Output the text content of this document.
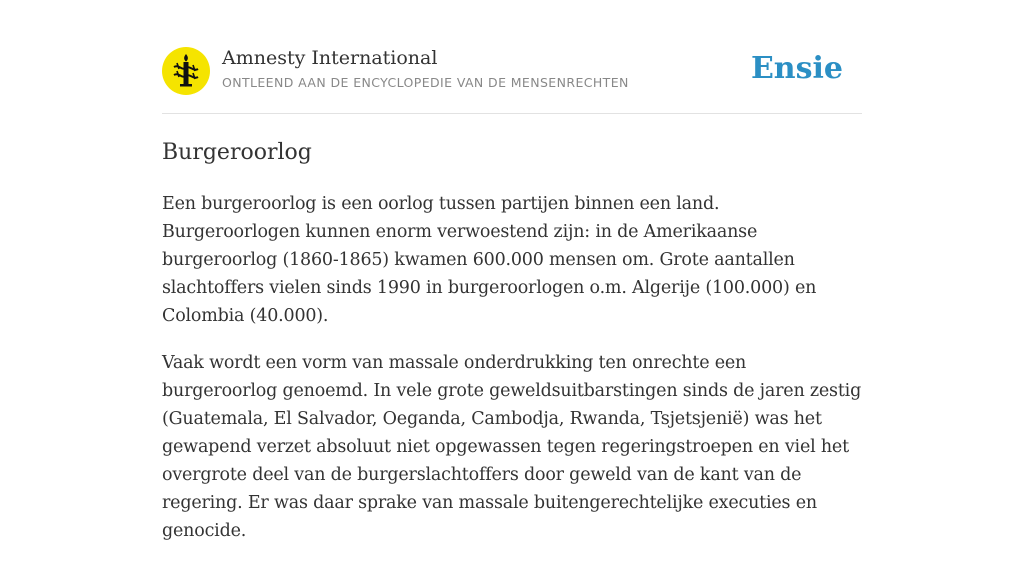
Amnesty International
ONTLEEND AAN DE ENCYCLOPEDIE VAN DE MENSENRECHTEN	Ensie
Burgeroorlog

Een burgeroorlog is een oorlog tussen partijen binnen een land. Burgeroorlogen kunnen enorm verwoestend zijn: in de Amerikaanse burgeroorlog (1860-1865) kwamen 600.000 mensen om. Grote aantallen slachtoffers vielen sinds 1990 in burgeroorlogen o.m. Algerije (100.000) en Colombia (40.000).

Vaak wordt een vorm van massale onderdrukking ten onrechte een burgeroorlog genoemd. In vele grote geweldsuitbarstingen sinds de jaren zestig (Guatemala, El Salvador, Oeganda, Cambodja, Rwanda, Tsjetsjenië) was het gewapend verzet absoluut niet opgewassen tegen regeringstroepen en viel het overgrote deel van de burgerslachtoffers door geweld van de kant van de regering. Er was daar sprake van massale buitengerechtelijke executies en genocide.
